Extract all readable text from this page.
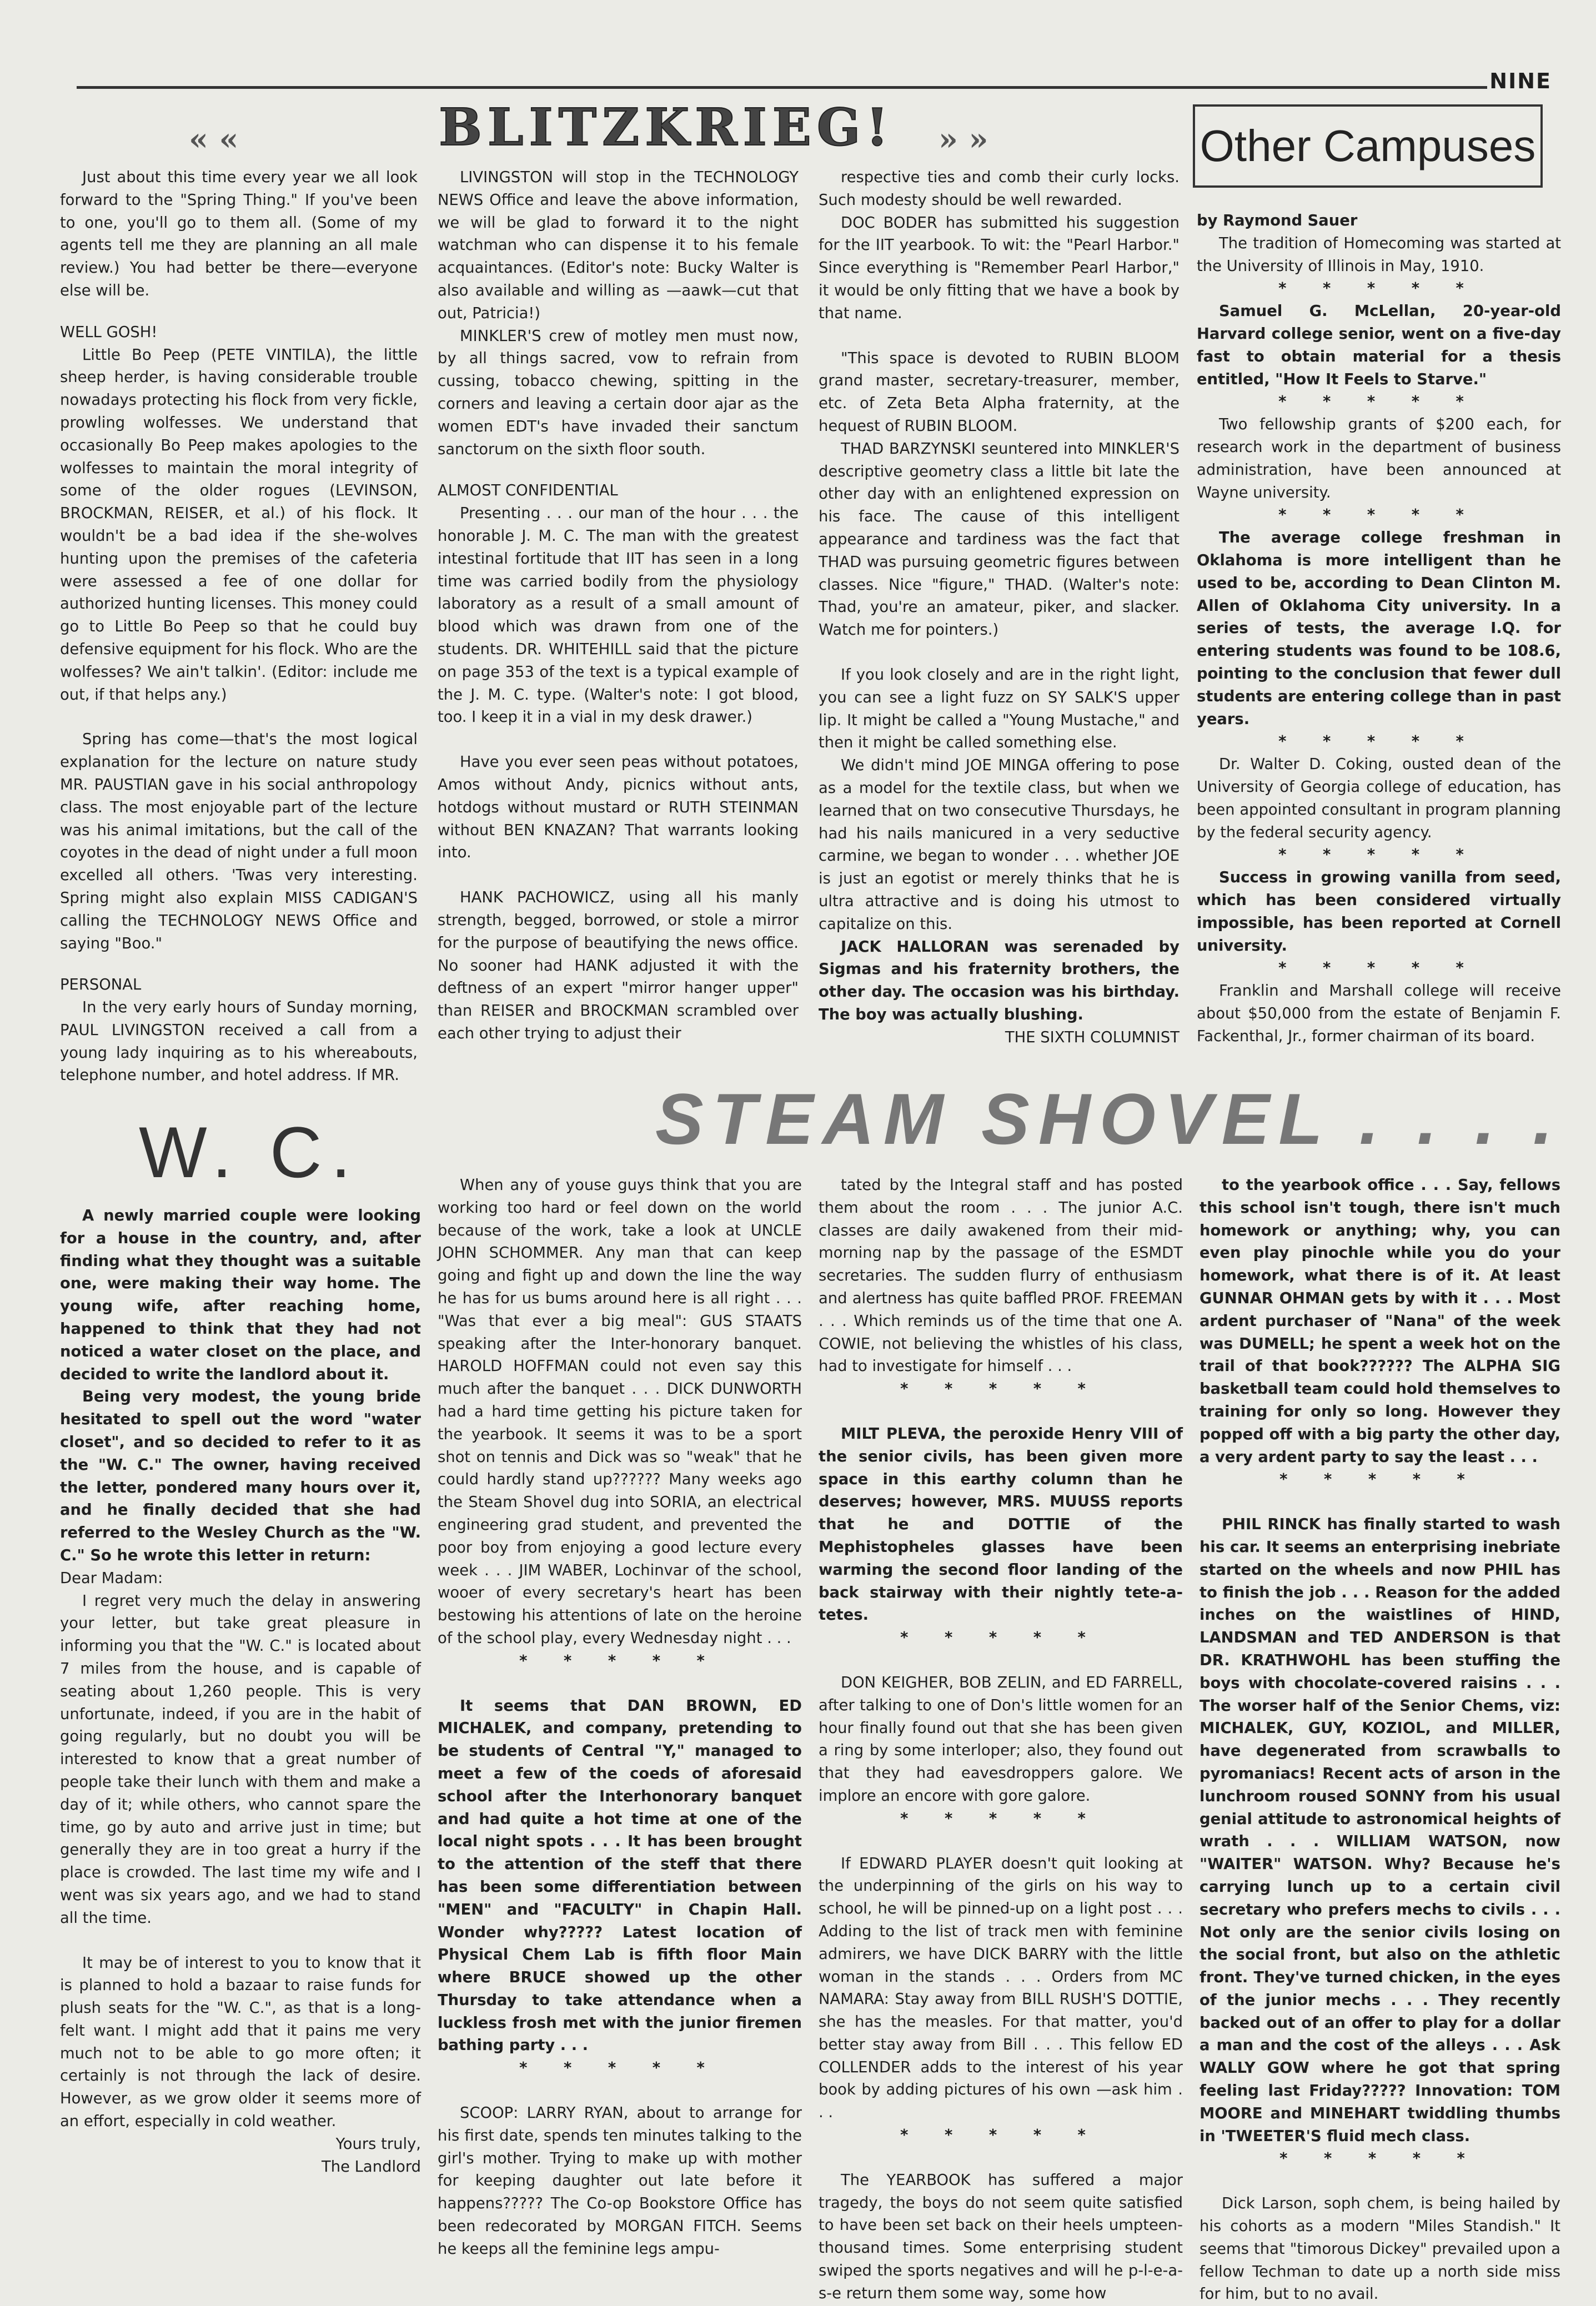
NINE
« «	BLITZKRIEG!	» »	Other Campuses

Just about this time every year we all look forward to the "Spring Thing." If you've been to one, you'll go to them all. (Some of my agents tell me they are planning an all male review.) You had better be there—everyone else will be.

WELL GOSH!

Little Bo Peep (PETE VINTILA), the little sheep herder, is having considerable trouble nowadays protecting his flock from very fickle, prowling wolfesses. We understand that occasionally Bo Peep makes apologies to the wolfesses to maintain the moral integrity of some of the older rogues (LEVINSON, BROCKMAN, REISER, et al.) of his flock. It wouldn't be a bad idea if the she-wolves hunting upon the premises of the cafeteria were assessed a fee of one dollar for authorized hunting licenses. This money could go to Little Bo Peep so that he could buy defensive equipment for his flock. Who are the wolfesses? We ain't talkin'. (Editor: include me out, if that helps any.)

Spring has come—that's the most logical explanation for the lecture on nature study MR. PAUSTIAN gave in his social anthropology class. The most enjoyable part of the lecture was his animal imitations, but the call of the coyotes in the dead of night under a full moon excelled all others. 'Twas very interesting. Spring might also explain MISS CADIGAN'S calling the TECHNOLOGY NEWS Office and saying "Boo."

PERSONAL

In the very early hours of Sunday morning, PAUL LIVINGSTON received a call from a young lady inquiring as to his whereabouts, telephone number, and hotel address. If MR.

LIVINGSTON will stop in the TECHNOLOGY NEWS Office and leave the above information, we will be glad to forward it to the night watchman who can dispense it to his female acquaintances. (Editor's note: Bucky Walter is also available and willing as —aawk—cut that out, Patricia!)

MINKLER'S crew of motley men must now, by all things sacred, vow to refrain from cussing, tobacco chewing, spitting in the corners and leaving a certain door ajar as the women EDT's have invaded their sanctum sanctorum on the sixth floor south.

ALMOST CONFIDENTIAL

Presenting . . . our man of the hour . . . the honorable J. M. C. The man with the greatest intestinal fortitude that IIT has seen in a long time was carried bodily from the physiology laboratory as a result of a small amount of blood which was drawn from one of the students. DR. WHITEHILL said that the picture on page 353 of the text is a typical example of the J. M. C. type. (Walter's note: I got blood, too. I keep it in a vial in my desk drawer.)

Have you ever seen peas without potatoes, Amos without Andy, picnics without ants, hotdogs without mustard or RUTH STEINMAN without BEN KNAZAN? That warrants looking into.

HANK PACHOWICZ, using all his manly strength, begged, borrowed, or stole a mirror for the purpose of beautifying the news office. No sooner had HANK adjusted it with the deftness of an expert "mirror hanger upper" than REISER and BROCKMAN scrambled over each other trying to adjust their

respective ties and comb their curly locks. Such modesty should be well rewarded.

DOC BODER has submitted his suggestion for the IIT yearbook. To wit: the "Pearl Harbor." Since everything is "Remember Pearl Harbor," it would be only fitting that we have a book by that name.

"This space is devoted to RUBIN BLOOM grand master, secretary-treasurer, member, etc. of Zeta Beta Alpha fraternity, at the hequest of RUBIN BLOOM.

THAD BARZYNSKI seuntered into MINKLER'S descriptive geometry class a little bit late the other day with an enlightened expression on his face. The cause of this intelligent appearance and tardiness was the fact that THAD was pursuing geometric figures between classes. Nice "figure," THAD. (Walter's note: Thad, you're an amateur, piker, and slacker. Watch me for pointers.)

If you look closely and are in the right light, you can see a light fuzz on SY SALK'S upper lip. It might be called a "Young Mustache," and then it might be called something else.

We didn't mind JOE MINGA offering to pose as a model for the textile class, but when we learned that on two consecutive Thursdays, he had his nails manicured in a very seductive carmine, we began to wonder . . . whether JOE is just an egotist or merely thinks that he is ultra attractive and is doing his utmost to capitalize on this.

JACK HALLORAN was serenaded by Sigmas and his fraternity brothers, the other day. The occasion was his birthday. The boy was actually blushing.

THE SIXTH COLUMNIST

by Raymond Sauer

The tradition of Homecoming was started at the University of Illinois in May, 1910.

* * * * *

Samuel G. McLellan, 20-year-old Harvard college senior, went on a five-day fast to obtain material for a thesis entitled, "How It Feels to Starve."

* * * * *

Two fellowship grants of $200 each, for research work in the department of business administration, have been announced at Wayne university.

* * * * *

The average college freshman in Oklahoma is more intelligent than he used to be, according to Dean Clinton M. Allen of Oklahoma City university. In a series of tests, the average I.Q. for entering students was found to be 108.6, pointing to the conclusion that fewer dull students are entering college than in past years.

* * * * *

Dr. Walter D. Coking, ousted dean of the University of Georgia college of education, has been appointed consultant in program planning by the federal security agency.

* * * * *

Success in growing vanilla from seed, which has been considered virtually impossible, has been reported at Cornell university.

* * * * *

Franklin and Marshall college will receive about $50,000 from the estate of Benjamin F. Fackenthal, Jr., former chairman of its board.

W. C.	STEAM SHOVEL . . . .

A newly married couple were looking for a house in the country, and, after finding what they thought was a suitable one, were making their way home. The young wife, after reaching home, happened to think that they had not noticed a water closet on the place, and decided to write the landlord about it.

Being very modest, the young bride hesitated to spell out the word "water closet", and so decided to refer to it as the "W. C." The owner, having received the letter, pondered many hours over it, and he finally decided that she had referred to the Wesley Church as the "W. C." So he wrote this letter in return:

Dear Madam:

I regret very much the delay in answering your letter, but take great pleasure in informing you that the "W. C." is located about 7 miles from the house, and is capable of seating about 1,260 people. This is very unfortunate, indeed, if you are in the habit of going regularly, but no doubt you will be interested to know that a great number of people take their lunch with them and make a day of it; while others, who cannot spare the time, go by auto and arrive just in time; but generally they are in too great a hurry if the place is crowded. The last time my wife and I went was six years ago, and we had to stand all the time.

It may be of interest to you to know that it is planned to hold a bazaar to raise funds for plush seats for the "W. C.", as that is a long-felt want. I might add that it pains me very much not to be able to go more often; it certainly is not through the lack of desire. However, as we grow older it seems more of an effort, especially in cold weather.

Yours truly,

The Landlord

When any of youse guys think that you are working too hard or feel down on the world because of the work, take a look at UNCLE JOHN SCHOMMER. Any man that can keep going and fight up and down the line the way he has for us bums around here is all right . . . "Was that ever a big meal": GUS STAATS speaking after the Inter-honorary banquet. HAROLD HOFFMAN could not even say this much after the banquet . . . DICK DUNWORTH had a hard time getting his picture taken for the yearbook. It seems it was to be a sport shot on tennis and Dick was so "weak" that he could hardly stand up?????? Many weeks ago the Steam Shovel dug into SORIA, an electrical engineering grad student, and prevented the poor boy from enjoying a good lecture every week . . . JIM WABER, Lochinvar of the school, wooer of every secretary's heart has been bestowing his attentions of late on the heroine of the school play, every Wednesday night . . .

* * * * *

It seems that DAN BROWN, ED MICHALEK, and company, pretending to be students of Central "Y," managed to meet a few of the coeds of aforesaid school after the Interhonorary banquet and had quite a hot time at one of the local night spots . . . It has been brought to the attention of the steff that there has been some differentiation between "MEN" and "FACULTY" in Chapin Hall. Wonder why????? Latest location of Physical Chem Lab is fifth floor Main where BRUCE showed up the other Thursday to take attendance when a luckless frosh met with the junior firemen bathing party . . .

* * * * *

SCOOP: LARRY RYAN, about to arrange for his first date, spends ten minutes talking to the girl's mother. Trying to make up with mother for keeping daughter out late before it happens????? The Co-op Bookstore Office has been redecorated by MORGAN FITCH. Seems he keeps all the feminine legs ampu-

tated by the Integral staff and has posted them about the room . . . The junior A.C. classes are daily awakened from their mid-morning nap by the passage of the ESMDT secretaries. The sudden flurry of enthusiasm and alertness has quite baffled PROF. FREEMAN . . . Which reminds us of the time that one A. COWIE, not believing the whistles of his class, had to investigate for himself . . .

* * * * *

MILT PLEVA, the peroxide Henry VIII of the senior civils, has been given more space in this earthy column than he deserves; however, MRS. MUUSS reports that he and DOTTIE of the Mephistopheles glasses have been warming the second floor landing of the back stairway with their nightly tete-a-tetes.

* * * * *

DON KEIGHER, BOB ZELIN, and ED FARRELL, after talking to one of Don's little women for an hour finally found out that she has been given a ring by some interloper; also, they found out that they had eavesdroppers galore. We implore an encore with gore galore.

* * * * *

If EDWARD PLAYER doesn't quit looking at the underpinning of the girls on his way to school, he will be pinned-up on a light post . . . Adding to the list of track men with feminine admirers, we have DICK BARRY with the little woman in the stands . . . Orders from MC NAMARA: Stay away from BILL RUSH'S DOTTIE, she has the measles. For that matter, you'd better stay away from Bill . . . This fellow ED COLLENDER adds to the interest of his year book by adding pictures of his own —ask him . . .

* * * * *

The YEARBOOK has suffered a major tragedy, the boys do not seem quite satisfied to have been set back on their heels umpteen-thousand times. Some enterprising student swiped the sports negatives and will he p-l-e-a-s-e return them some way, some how

to the yearbook office . . . Say, fellows this school isn't tough, there isn't much homework or anything; why, you can even play pinochle while you do your homework, what there is of it. At least GUNNAR OHMAN gets by with it . . . Most ardent purchaser of "Nana" of the week was DUMELL; he spent a week hot on the trail of that book?????? The ALPHA SIG basketball team could hold themselves to training for only so long. However they popped off with a big party the other day, a very ardent party to say the least . . .

* * * * *

PHIL RINCK has finally started to wash his car. It seems an enterprising inebriate started on the wheels and now PHIL has to finish the job . . . Reason for the added inches on the waistlines of HIND, LANDSMAN and TED ANDERSON is that DR. KRATHWOHL has been stuffing the boys with chocolate-covered raisins . . . The worser half of the Senior Chems, viz: MICHALEK, GUY, KOZIOL, and MILLER, have degenerated from scrawballs to pyromaniacs! Recent acts of arson in the lunchroom roused SONNY from his usual genial attitude to astronomical heights of wrath . . . WILLIAM WATSON, now "WAITER" WATSON. Why? Because he's carrying lunch up to a certain civil secretary who prefers mechs to civils . . . Not only are the senior civils losing on the social front, but also on the athletic front. They've turned chicken, in the eyes of the junior mechs . . . They recently backed out of an offer to play for a dollar a man and the cost of the alleys . . . Ask WALLY GOW where he got that spring feeling last Friday????? Innovation: TOM MOORE and MINEHART twiddling thumbs in 'TWEETER'S fluid mech class.

* * * * *

Dick Larson, soph chem, is being hailed by his cohorts as a modern "Miles Standish." It seems that "timorous Dickey" prevailed upon a fellow Techman to date up a north side miss for him, but to no avail.
